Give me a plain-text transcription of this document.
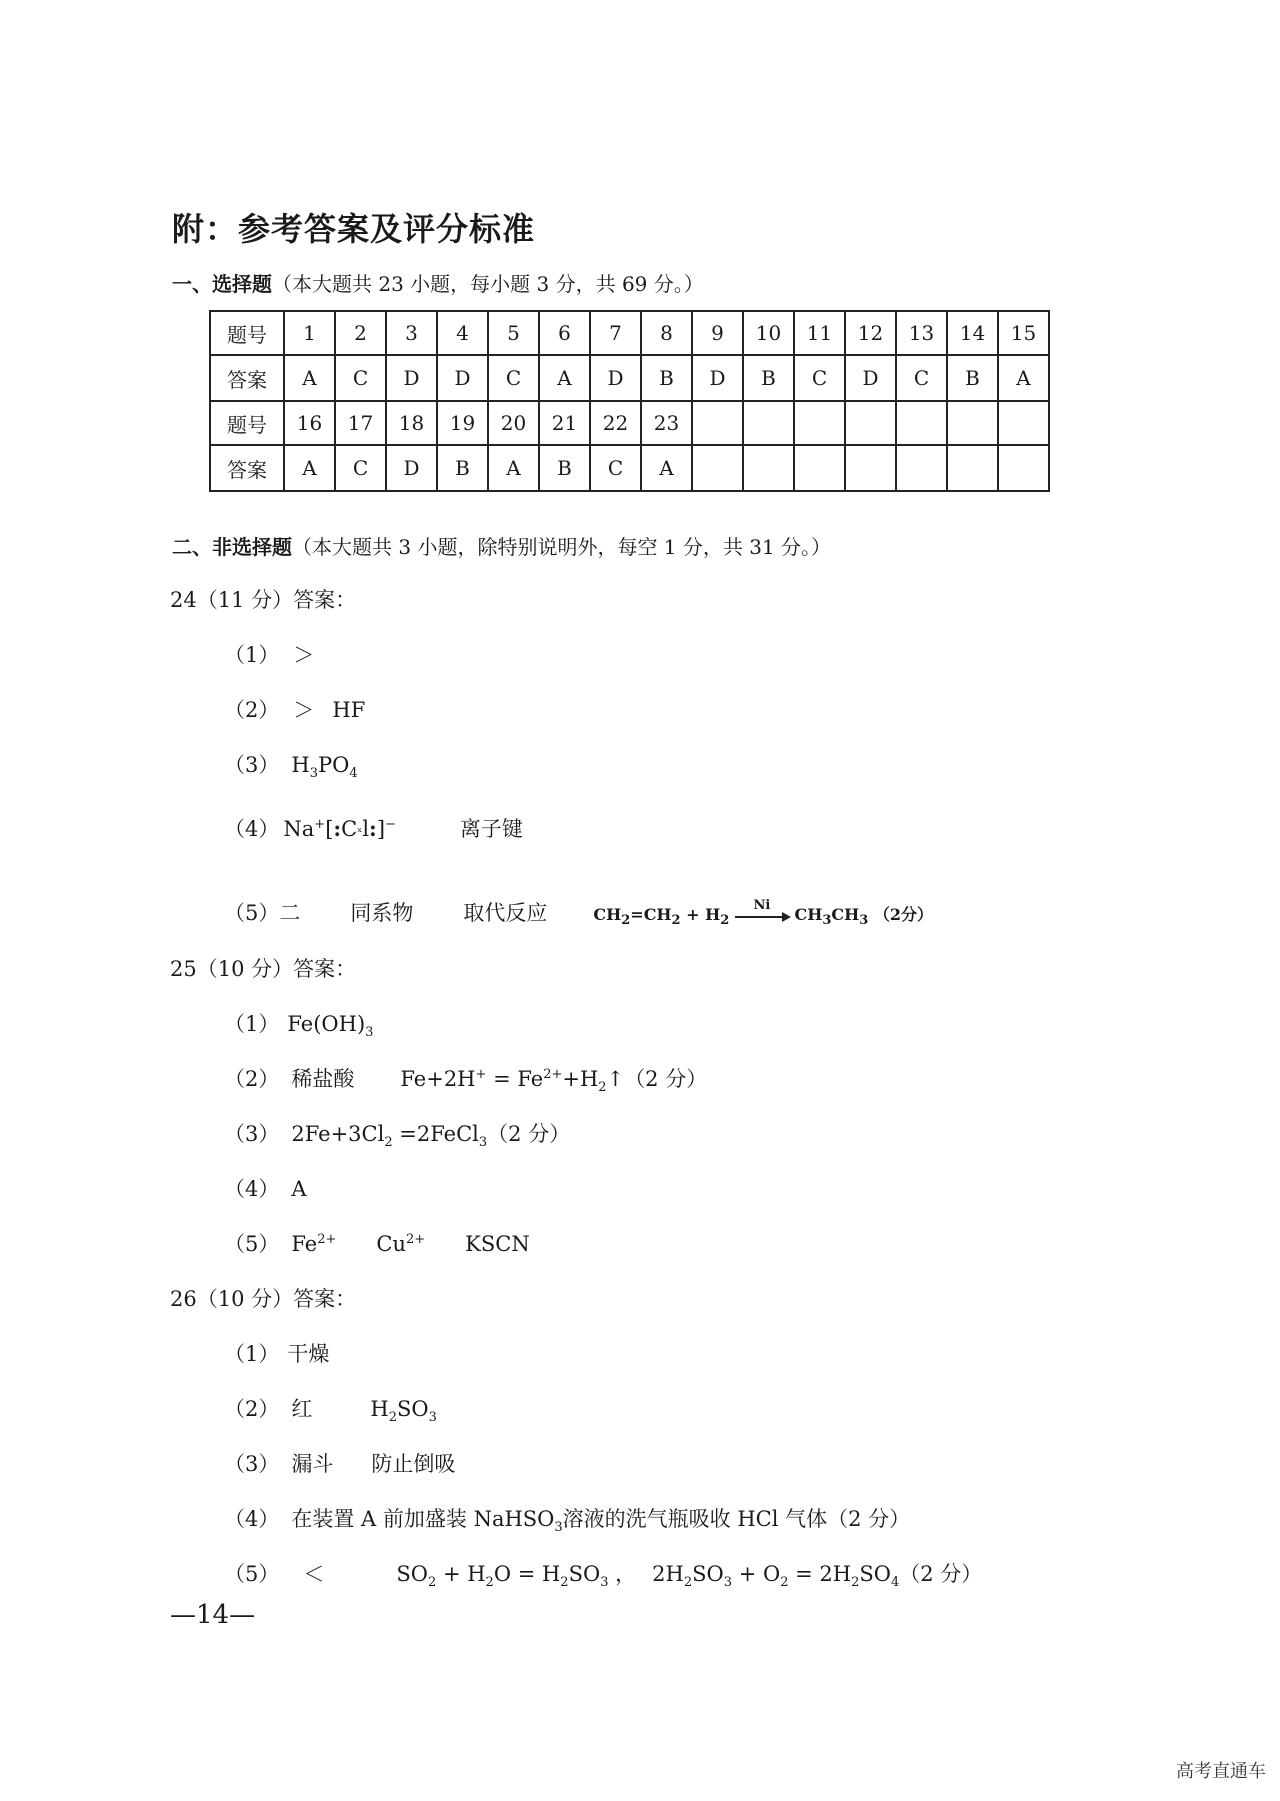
附：参考答案及评分标准
一、选择题（本大题共 23 小题，每小题 3 分，共 69 分。）
题号	1	2	3	4	5	6	7	8	9	10	11	12	13	14	15
答案	A	C	D	D	C	A	D	B	D	B	C	D	C	B	A
题号	16	17	18	19	20	21	22	23							
答案	A	C	D	B	A	B	C	A							
二、非选择题（本大题共 3 小题，除特别说明外，每空 1 分，共 31 分。）
24（11 分）答案：
（1） ＞
（2） ＞ HF
（3） $H_3PO_4$
（4） Na+[:Cˣl:]−	离子键
（5）二 同系物 取代反应	$CH_2=CH_2 + H_2$
Ni	$CH_3CH_3$ （2分）
25（10 分）答案：
（1） $Fe(OH)_3$
（2） 稀盐酸 $Fe+2H^+ = Fe^{2+}+H_2↑(2$ 分）
（3） $2Fe+3Cl_2$ =2FeCl$_3$（2 分）
（4） A
（5） $Fe^{2+}$ $Cu^{2+}$ KSCN
26（10 分）答案：
（1） 干燥
（2） 红	$H_2SO_3$
（3） 漏斗 防止倒吸
（4） 在装置 A 前加盛装 NaHSO$_3$溶液的洗气瓶吸收 HCl 气体（2 分）
（5） ＜	$SO_2 + H_2O = H_2SO_3$ ， $2H_2SO_3 + O_2 = 2H_2SO_4(2$ 分）
—14—
高考直通车
